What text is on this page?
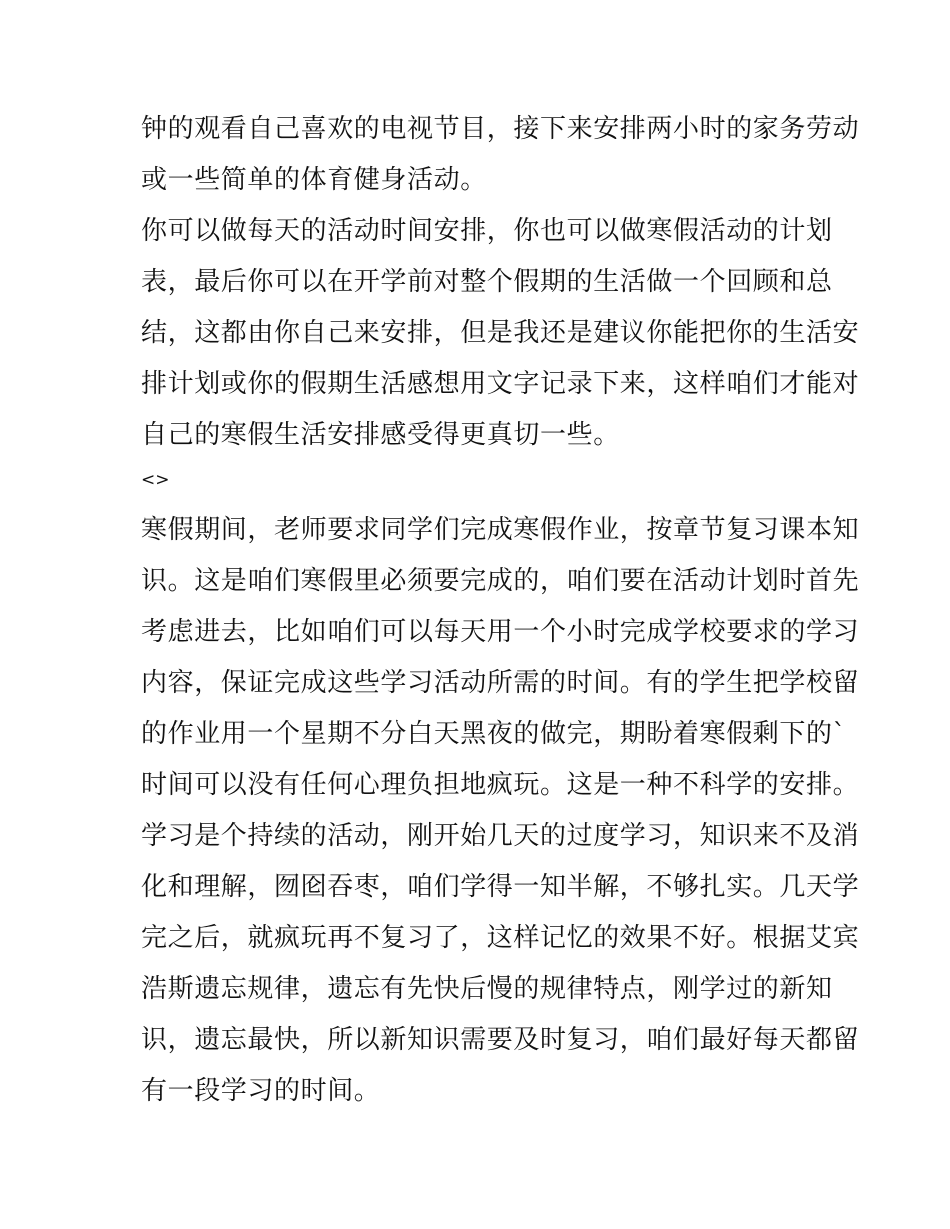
钟的观看自己喜欢的电视节目，接下来安排两小时的家务劳动
或一些简单的体育健身活动。
你可以做每天的活动时间安排，你也可以做寒假活动的计划
表，最后你可以在开学前对整个假期的生活做一个回顾和总
结，这都由你自己来安排，但是我还是建议你能把你的生活安
排计划或你的假期生活感想用文字记录下来，这样咱们才能对
自己的寒假生活安排感受得更真切一些。
<>
寒假期间，老师要求同学们完成寒假作业，按章节复习课本知
识。这是咱们寒假里必须要完成的，咱们要在活动计划时首先
考虑进去，比如咱们可以每天用一个小时完成学校要求的学习
内容，保证完成这些学习活动所需的时间。有的学生把学校留
的作业用一个星期不分白天黑夜的做完，期盼着寒假剩下的`
时间可以没有任何心理负担地疯玩。这是一种不科学的安排。
学习是个持续的活动，刚开始几天的过度学习，知识来不及消
化和理解，囫囵吞枣，咱们学得一知半解，不够扎实。几天学
完之后，就疯玩再不复习了，这样记忆的效果不好。根据艾宾
浩斯遗忘规律，遗忘有先快后慢的规律特点，刚学过的新知
识，遗忘最快，所以新知识需要及时复习，咱们最好每天都留
有一段学习的时间。
